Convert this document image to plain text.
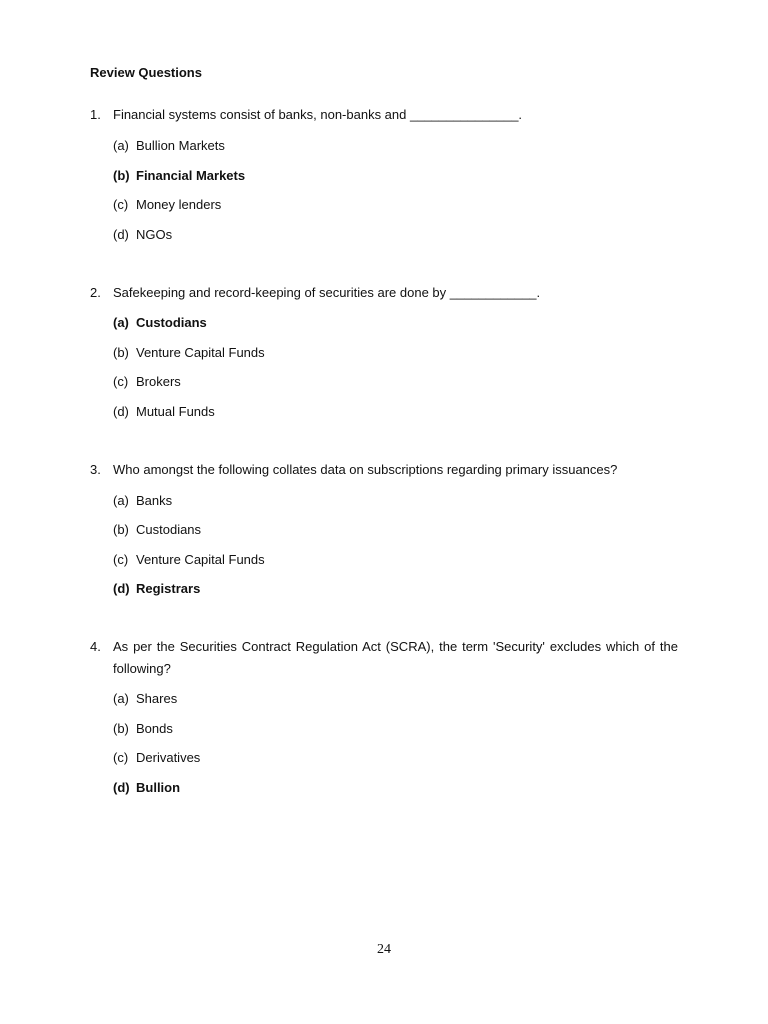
Review Questions
1. Financial systems consist of banks, non-banks and _______________.
(a) Bullion Markets
(b) Financial Markets
(c) Money lenders
(d) NGOs
2. Safekeeping and record-keeping of securities are done by ____________.
(a) Custodians
(b) Venture Capital Funds
(c) Brokers
(d) Mutual Funds
3. Who amongst the following collates data on subscriptions regarding primary issuances?
(a) Banks
(b) Custodians
(c) Venture Capital Funds
(d) Registrars
4. As per the Securities Contract Regulation Act (SCRA), the term 'Security' excludes which of the following?
(a) Shares
(b) Bonds
(c) Derivatives
(d) Bullion
24
